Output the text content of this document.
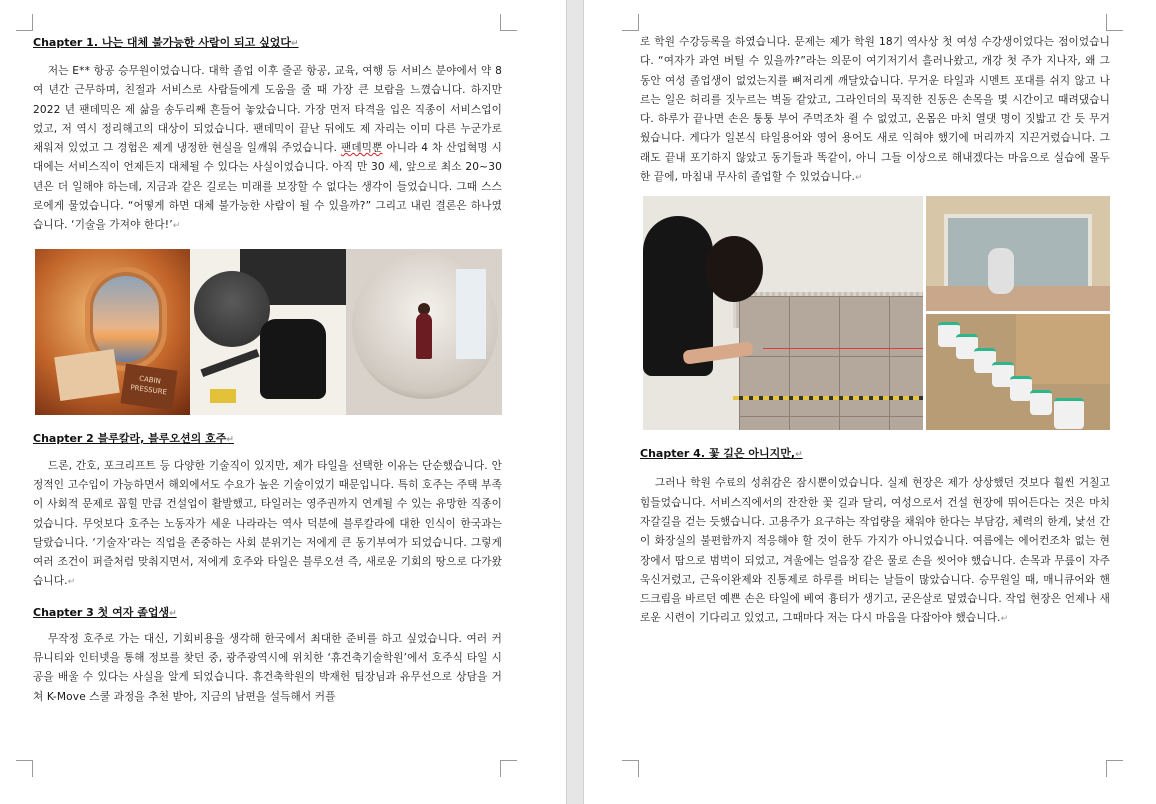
Chapter 1. 나는 대체 불가능한 사람이 되고 싶었다↵

저는 E** 항공 승무원이었습니다. 대학 졸업 이후 줄곧 항공, 교육, 여행 등 서비스 분야에서 약 8 여 년간 근무하며, 친절과 서비스로 사람들에게 도움을 줄 때 가장 큰 보람을 느꼈습니다. 하지만 2022 년 팬데믹은 제 삶을 송두리째 흔들어 놓았습니다. 가장 먼저 타격을 입은 직종이 서비스업이었고, 저 역시 정리해고의 대상이 되었습니다. 팬데믹이 끝난 뒤에도 제 자리는 이미 다른 누군가로 채워져 있었고 그 경험은 제게 냉정한 현실을 일깨워 주었습니다. 팬데믹뿐 아니라 4 차 산업혁명 시대에는 서비스직이 언제든지 대체될 수 있다는 사실이었습니다. 아직 만 30 세, 앞으로 최소 20~30 년은 더 일해야 하는데, 지금과 같은 길로는 미래를 보장할 수 없다는 생각이 들었습니다. 그때 스스로에게 물었습니다. “어떻게 하면 대체 불가능한 사람이 될 수 있을까?” 그리고 내린 결론은 하나였습니다. ‘기술을 가져야 한다!’↵

CABIN PRESSURE
Chapter 2 블루칼라, 블루오션의 호주↵

드론, 간호, 포크리프트 등 다양한 기술직이 있지만, 제가 타일을 선택한 이유는 단순했습니다. 안정적인 고수입이 가능하면서 해외에서도 수요가 높은 기술이었기 때문입니다. 특히 호주는 주택 부족이 사회적 문제로 꼽힐 만큼 건설업이 활발했고, 타일러는 영주권까지 연계될 수 있는 유망한 직종이었습니다. 무엇보다 호주는 노동자가 세운 나라라는 역사 덕분에 블루칼라에 대한 인식이 한국과는 달랐습니다. ‘기술자’라는 직업을 존중하는 사회 분위기는 저에게 큰 동기부여가 되었습니다. 그렇게 여러 조건이 퍼즐처럼 맞춰지면서, 저에게 호주와 타일은 블루오션 즉, 새로운 기회의 땅으로 다가왔습니다.↵

Chapter 3 첫 여자 졸업생↵

무작정 호주로 가는 대신, 기회비용을 생각해 한국에서 최대한 준비를 하고 싶었습니다. 여러 커뮤니티와 인터넷을 통해 정보를 찾던 중, 광주광역시에 위치한 ‘휴건축기술학원’에서 호주식 타일 시공을 배울 수 있다는 사실을 알게 되었습니다. 휴건축학원의 박재헌 팀장님과 유무선으로 상담을 거쳐 K-Move 스쿨 과정을 추천 받아, 지금의 남편을 설득해서 커플

로 학원 수강등록을 하였습니다. 문제는 제가 학원 18기 역사상 첫 여성 수강생이었다는 점이었습니다. “여자가 과연 버틸 수 있을까?”라는 의문이 여기저기서 흘러나왔고, 개강 첫 주가 지나자, 왜 그 동안 여성 졸업생이 없었는지를 뼈저리게 깨달았습니다. 무거운 타일과 시멘트 포대를 쉬지 않고 나르는 일은 허리를 짓누르는 벽돌 같았고, 그라인더의 묵직한 진동은 손목을 몇 시간이고 때려댔습니다. 하루가 끝나면 손은 퉁퉁 부어 주먹조차 쥘 수 없었고, 온몸은 마치 열댓 명이 짓밟고 간 듯 무거웠습니다. 게다가 일본식 타일용어와 영어 용어도 새로 익혀야 했기에 머리까지 지끈거렸습니다. 그래도 끝내 포기하지 않았고 동기들과 똑같이, 아니 그들 이상으로 해내겠다는 마음으로 실습에 몰두한 끝에, 마침내 무사히 졸업할 수 있었습니다.↵

Chapter 4. 꽃 길은 아니지만,↵

그러나 학원 수료의 성취감은 잠시뿐이었습니다. 실제 현장은 제가 상상했던 것보다 훨씬 거칠고 힘들었습니다. 서비스직에서의 잔잔한 꽃 길과 달리, 여성으로서 건설 현장에 뛰어든다는 것은 마치 자갈길을 걷는 듯했습니다. 고용주가 요구하는 작업량을 채워야 한다는 부담감, 체력의 한계, 낯선 간이 화장실의 불편함까지 적응해야 할 것이 한두 가지가 아니었습니다. 여름에는 에어컨조차 없는 현장에서 땀으로 범벅이 되었고, 겨울에는 얼음장 같은 물로 손을 씻어야 했습니다. 손목과 무릎이 자주 욱신거렸고, 근육이완제와 진통제로 하루를 버티는 날들이 많았습니다. 승무원일 때, 매니큐어와 핸드크림을 바르던 예쁜 손은 타일에 베여 흉터가 생기고, 굳은살로 덮였습니다. 작업 현장은 언제나 새로운 시련이 기다리고 있었고, 그때마다 저는 다시 마음을 다잡아야 했습니다.↵
